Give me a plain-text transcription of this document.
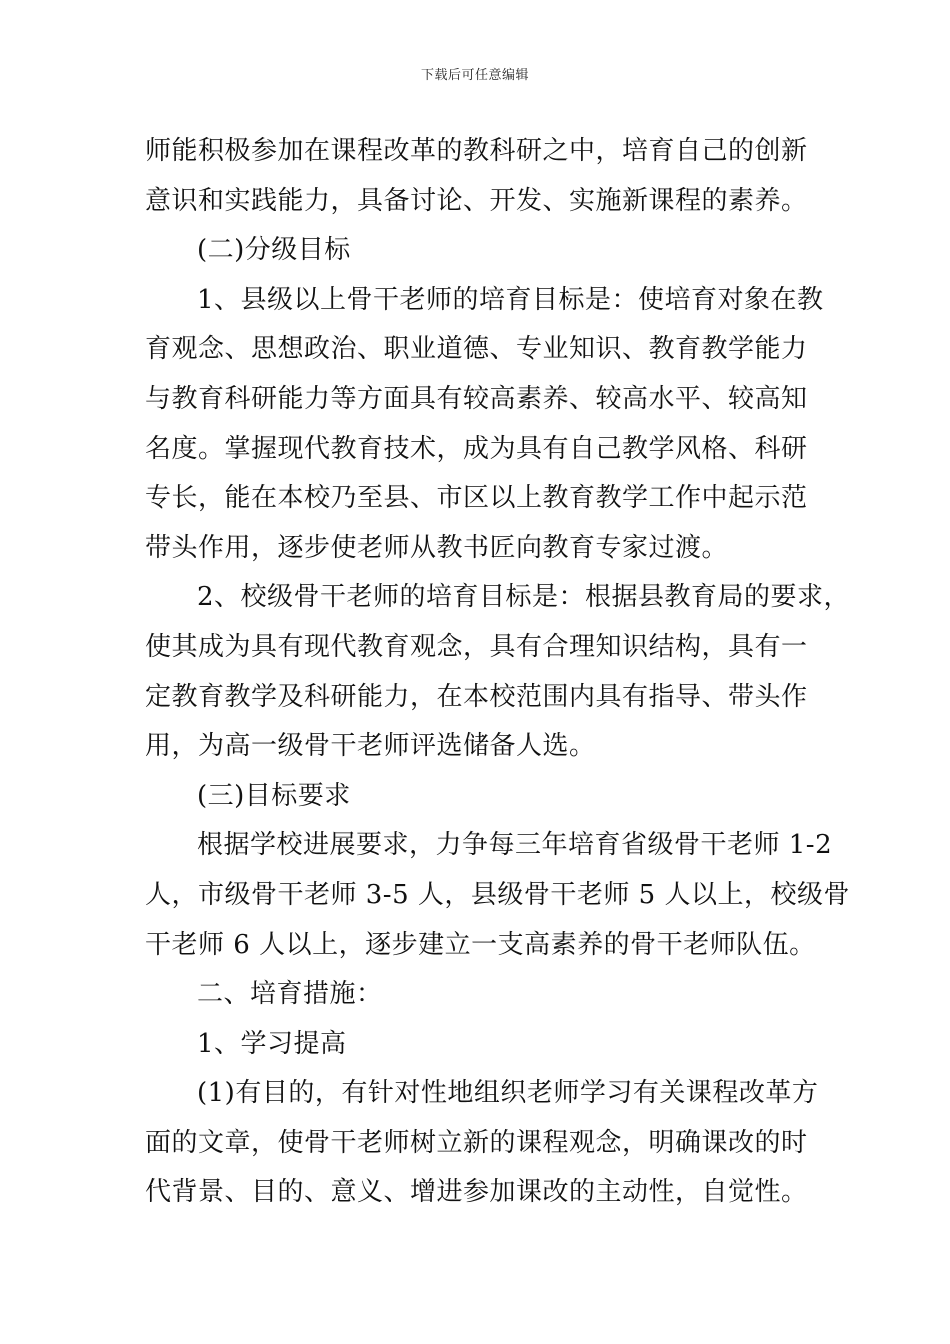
下载后可任意编辑
师能积极参加在课程改革的教科研之中，培育自己的创新
意识和实践能力，具备讨论、开发、实施新课程的素养。
(二)分级目标
1、县级以上骨干老师的培育目标是：使培育对象在教
育观念、思想政治、职业道德、专业知识、教育教学能力
与教育科研能力等方面具有较高素养、较高水平、较高知
名度。掌握现代教育技术，成为具有自己教学风格、科研
专长，能在本校乃至县、市区以上教育教学工作中起示范
带头作用，逐步使老师从教书匠向教育专家过渡。
2、校级骨干老师的培育目标是：根据县教育局的要求，
使其成为具有现代教育观念，具有合理知识结构，具有一
定教育教学及科研能力，在本校范围内具有指导、带头作
用，为高一级骨干老师评选储备人选。
(三)目标要求
根据学校进展要求，力争每三年培育省级骨干老师 1-2
人，市级骨干老师 3-5 人，县级骨干老师 5 人以上，校级骨
干老师 6 人以上，逐步建立一支高素养的骨干老师队伍。
二、培育措施：
1、学习提高
(1)有目的，有针对性地组织老师学习有关课程改革方
面的文章，使骨干老师树立新的课程观念，明确课改的时
代背景、目的、意义、增进参加课改的主动性，自觉性。
